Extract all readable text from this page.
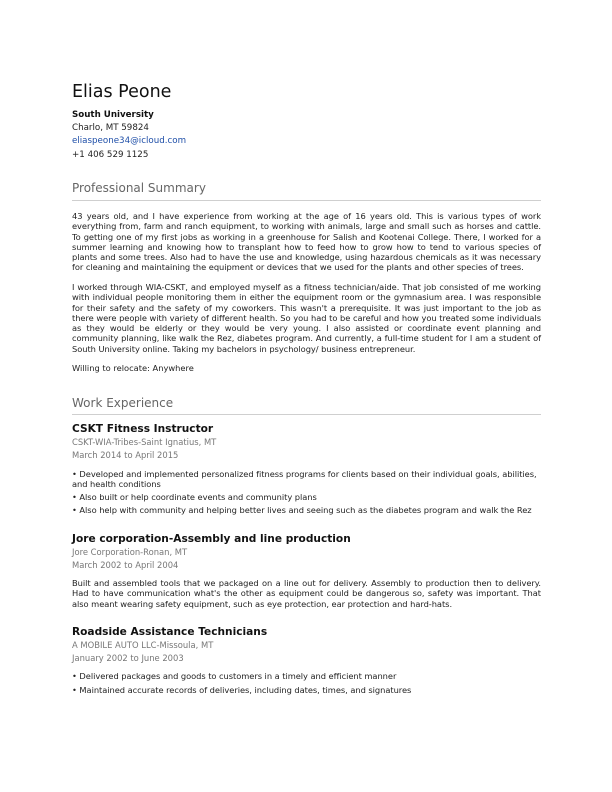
Elias Peone
South University
Charlo, MT 59824
eliaspeone34@icloud.com
+1 406 529 1125
Professional Summary
43 years old, and I have experience from working at the age of 16 years old. This is various types of work everything from, farm and ranch equipment, to working with animals, large and small such as horses and cattle. To getting one of my first jobs as working in a greenhouse for Salish and Kootenai College. There, I worked for a summer learning and knowing how to transplant how to feed how to grow how to tend to various species of plants and some trees. Also had to have the use and knowledge, using hazardous chemicals as it was necessary for cleaning and maintaining the equipment or devices that we used for the plants and other species of trees.
I worked through WIA-CSKT, and employed myself as a fitness technician/aide. That job consisted of me working with individual people monitoring them in either the equipment room or the gymnasium area. I was responsible for their safety and the safety of my coworkers. This wasn't a prerequisite. It was just important to the job as there were people with variety of different health. So you had to be careful and how you treated some individuals as they would be elderly or they would be very young. I also assisted or coordinate event planning and community planning, like walk the Rez, diabetes program. And currently, a full-time student for I am a student of South University online. Taking my bachelors in psychology/ business entrepreneur.
Willing to relocate: Anywhere
Work Experience
CSKT Fitness Instructor
CSKT-WIA-Tribes-Saint Ignatius, MT
March 2014 to April 2015
• Developed and implemented personalized fitness programs for clients based on their individual goals, abilities, and health conditions
• Also built or help coordinate events and community plans
• Also help with community and helping better lives and seeing such as the diabetes program and walk the Rez
Jore corporation-Assembly and line production
Jore Corporation-Ronan, MT
March 2002 to April 2004
Built and assembled tools that we packaged on a line out for delivery. Assembly to production then to delivery. Had to have communication what's the other as equipment could be dangerous so, safety was important. That also meant wearing safety equipment, such as eye protection, ear protection and hard-hats.
Roadside Assistance Technicians
A MOBILE AUTO LLC-Missoula, MT
January 2002 to June 2003
• Delivered packages and goods to customers in a timely and efficient manner
• Maintained accurate records of deliveries, including dates, times, and signatures
